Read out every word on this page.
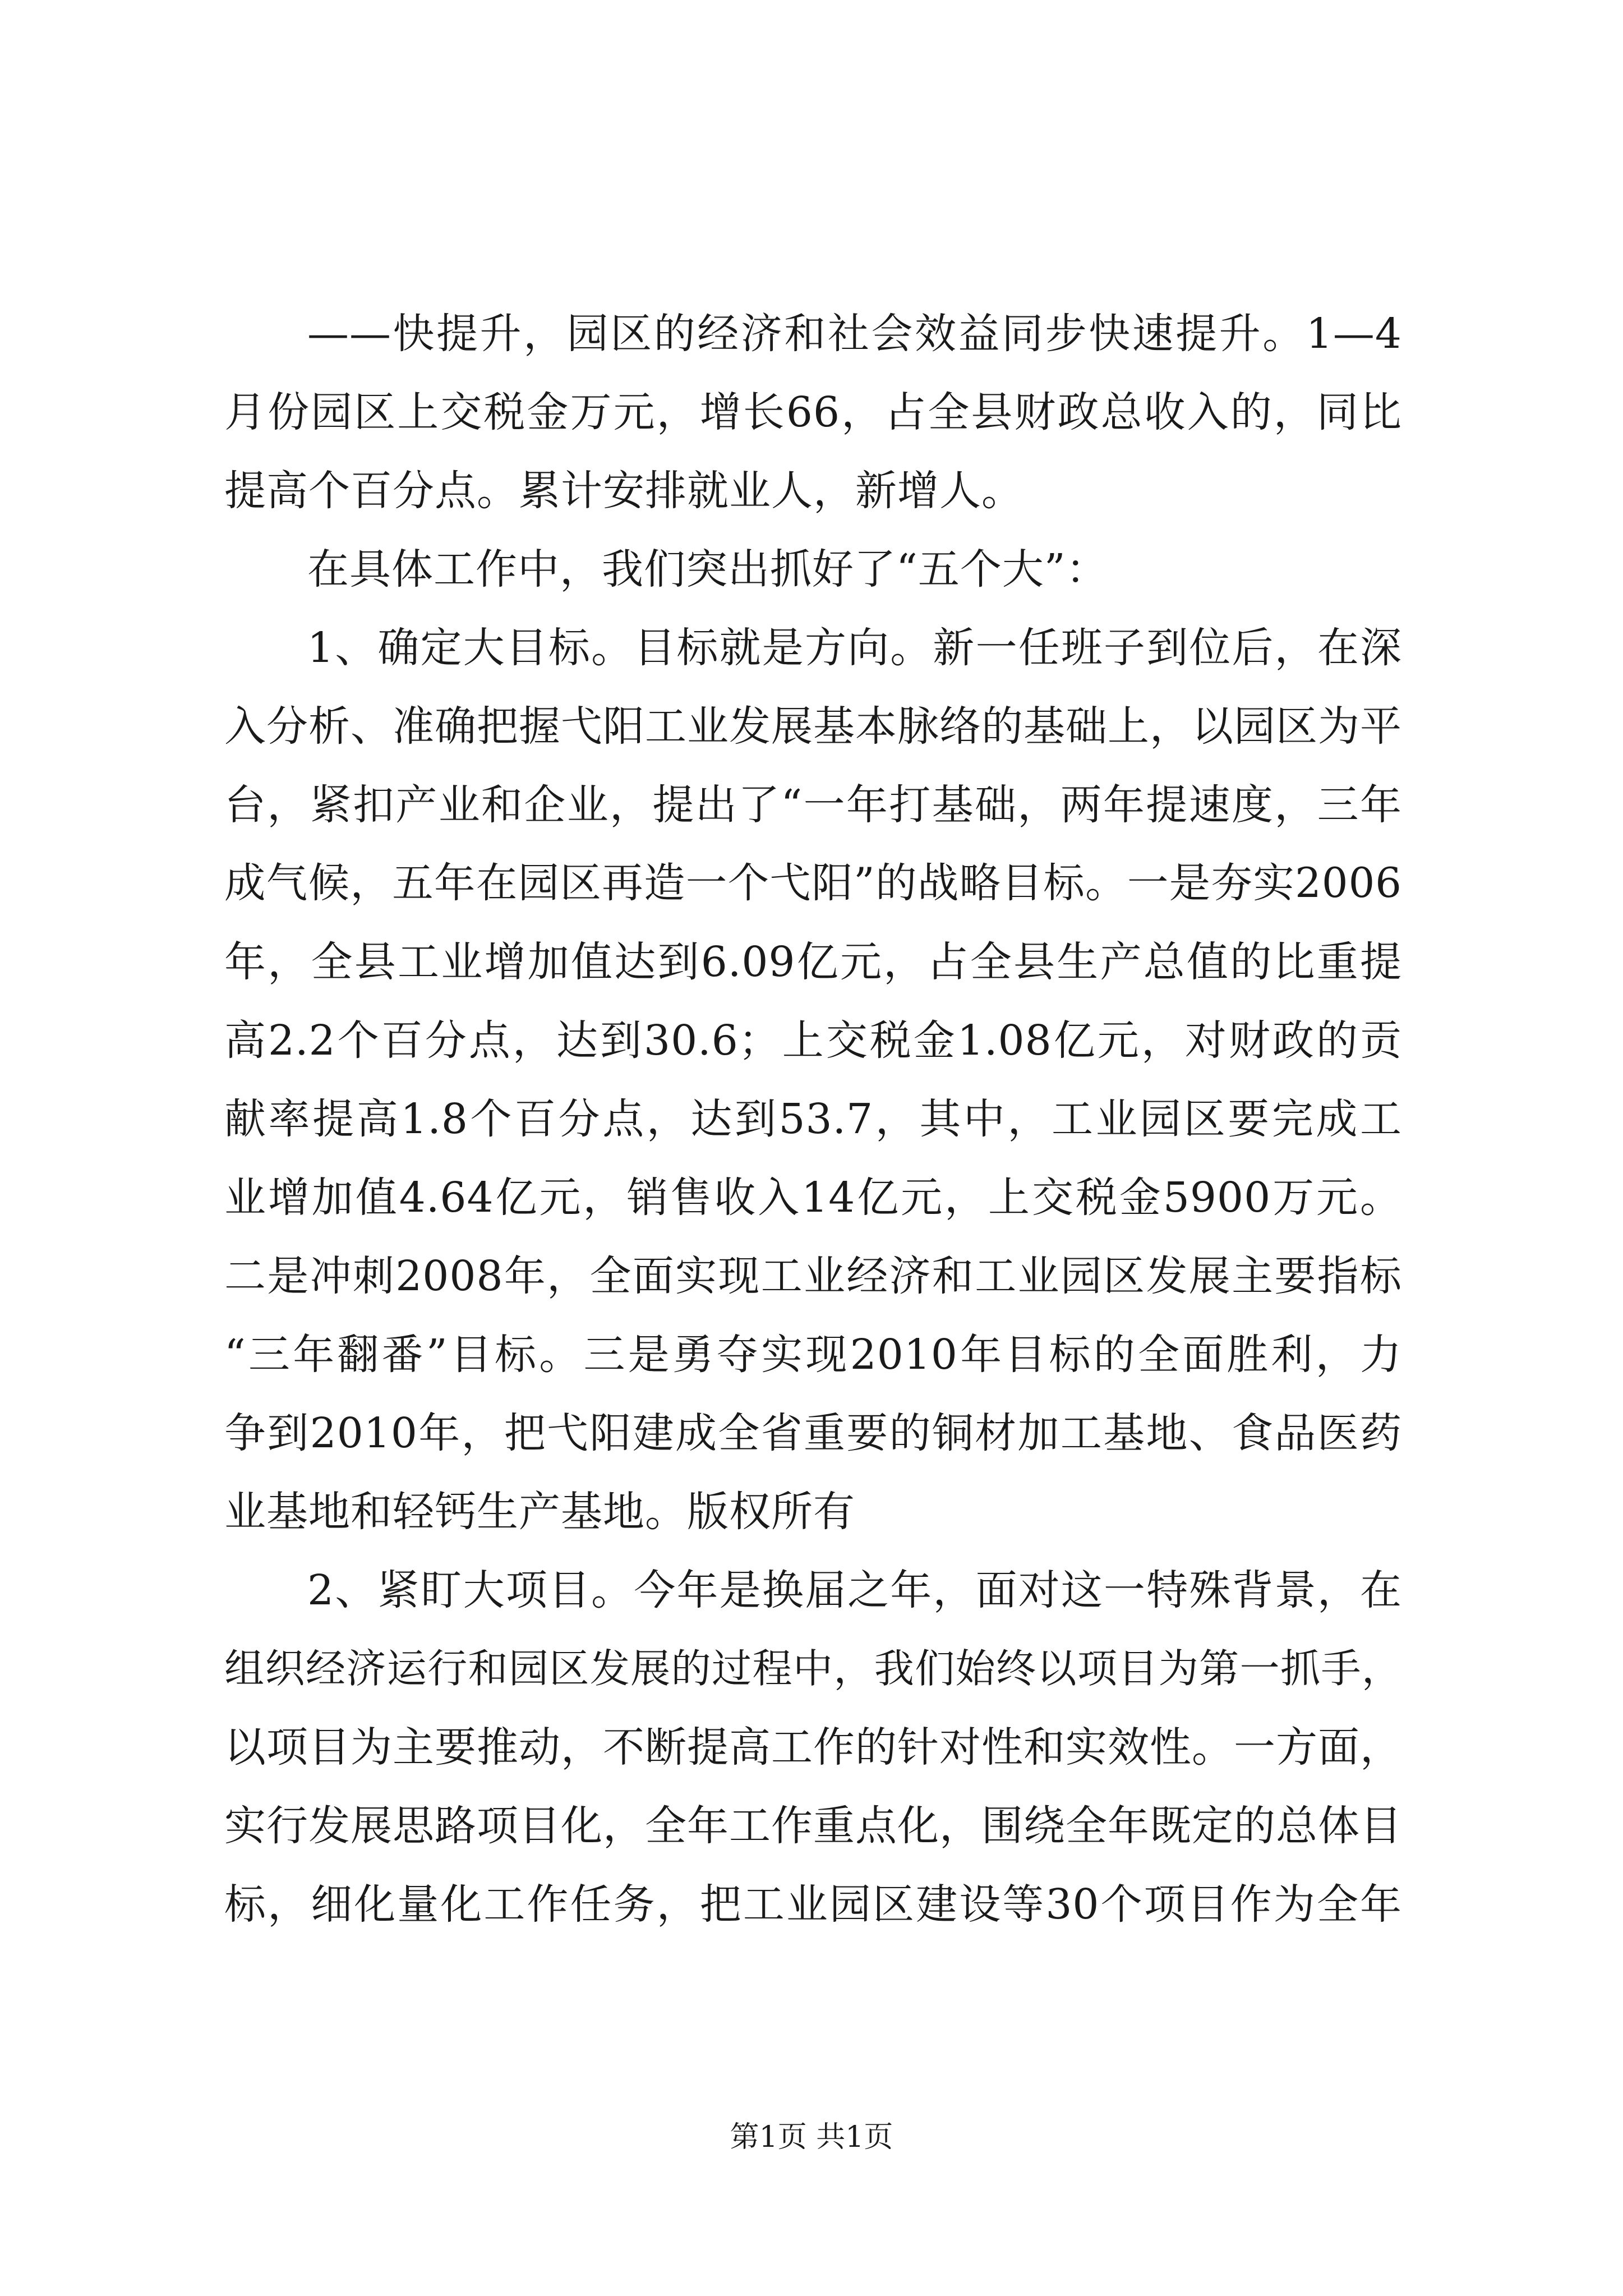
——快提升，园区的经济和社会效益同步快速提升。1—4
月份园区上交税金万元，增长66，占全县财政总收入的，同比
提高个百分点。累计安排就业人，新增人。
在具体工作中，我们突出抓好了“五个大”：
1、确定大目标。目标就是方向。新一任班子到位后，在深
入分析、准确把握弋阳工业发展基本脉络的基础上，以园区为平
台，紧扣产业和企业，提出了“一年打基础，两年提速度，三年
成气候，五年在园区再造一个弋阳”的战略目标。一是夯实2006
年，全县工业增加值达到6.09亿元，占全县生产总值的比重提
高2.2个百分点，达到30.6；上交税金1.08亿元，对财政的贡
献率提高1.8个百分点，达到53.7，其中，工业园区要完成工
业增加值4.64亿元，销售收入14亿元，上交税金5900万元。
二是冲刺2008年，全面实现工业经济和工业园区发展主要指标
“三年翻番”目标。三是勇夺实现2010年目标的全面胜利，力
争到2010年，把弋阳建成全省重要的铜材加工基地、食品医药
业基地和轻钙生产基地。版权所有
2、紧盯大项目。今年是换届之年，面对这一特殊背景，在
组织经济运行和园区发展的过程中，我们始终以项目为第一抓手，
以项目为主要推动，不断提高工作的针对性和实效性。一方面，
实行发展思路项目化，全年工作重点化，围绕全年既定的总体目
标，细化量化工作任务，把工业园区建设等30个项目作为全年
第1页 共1页
